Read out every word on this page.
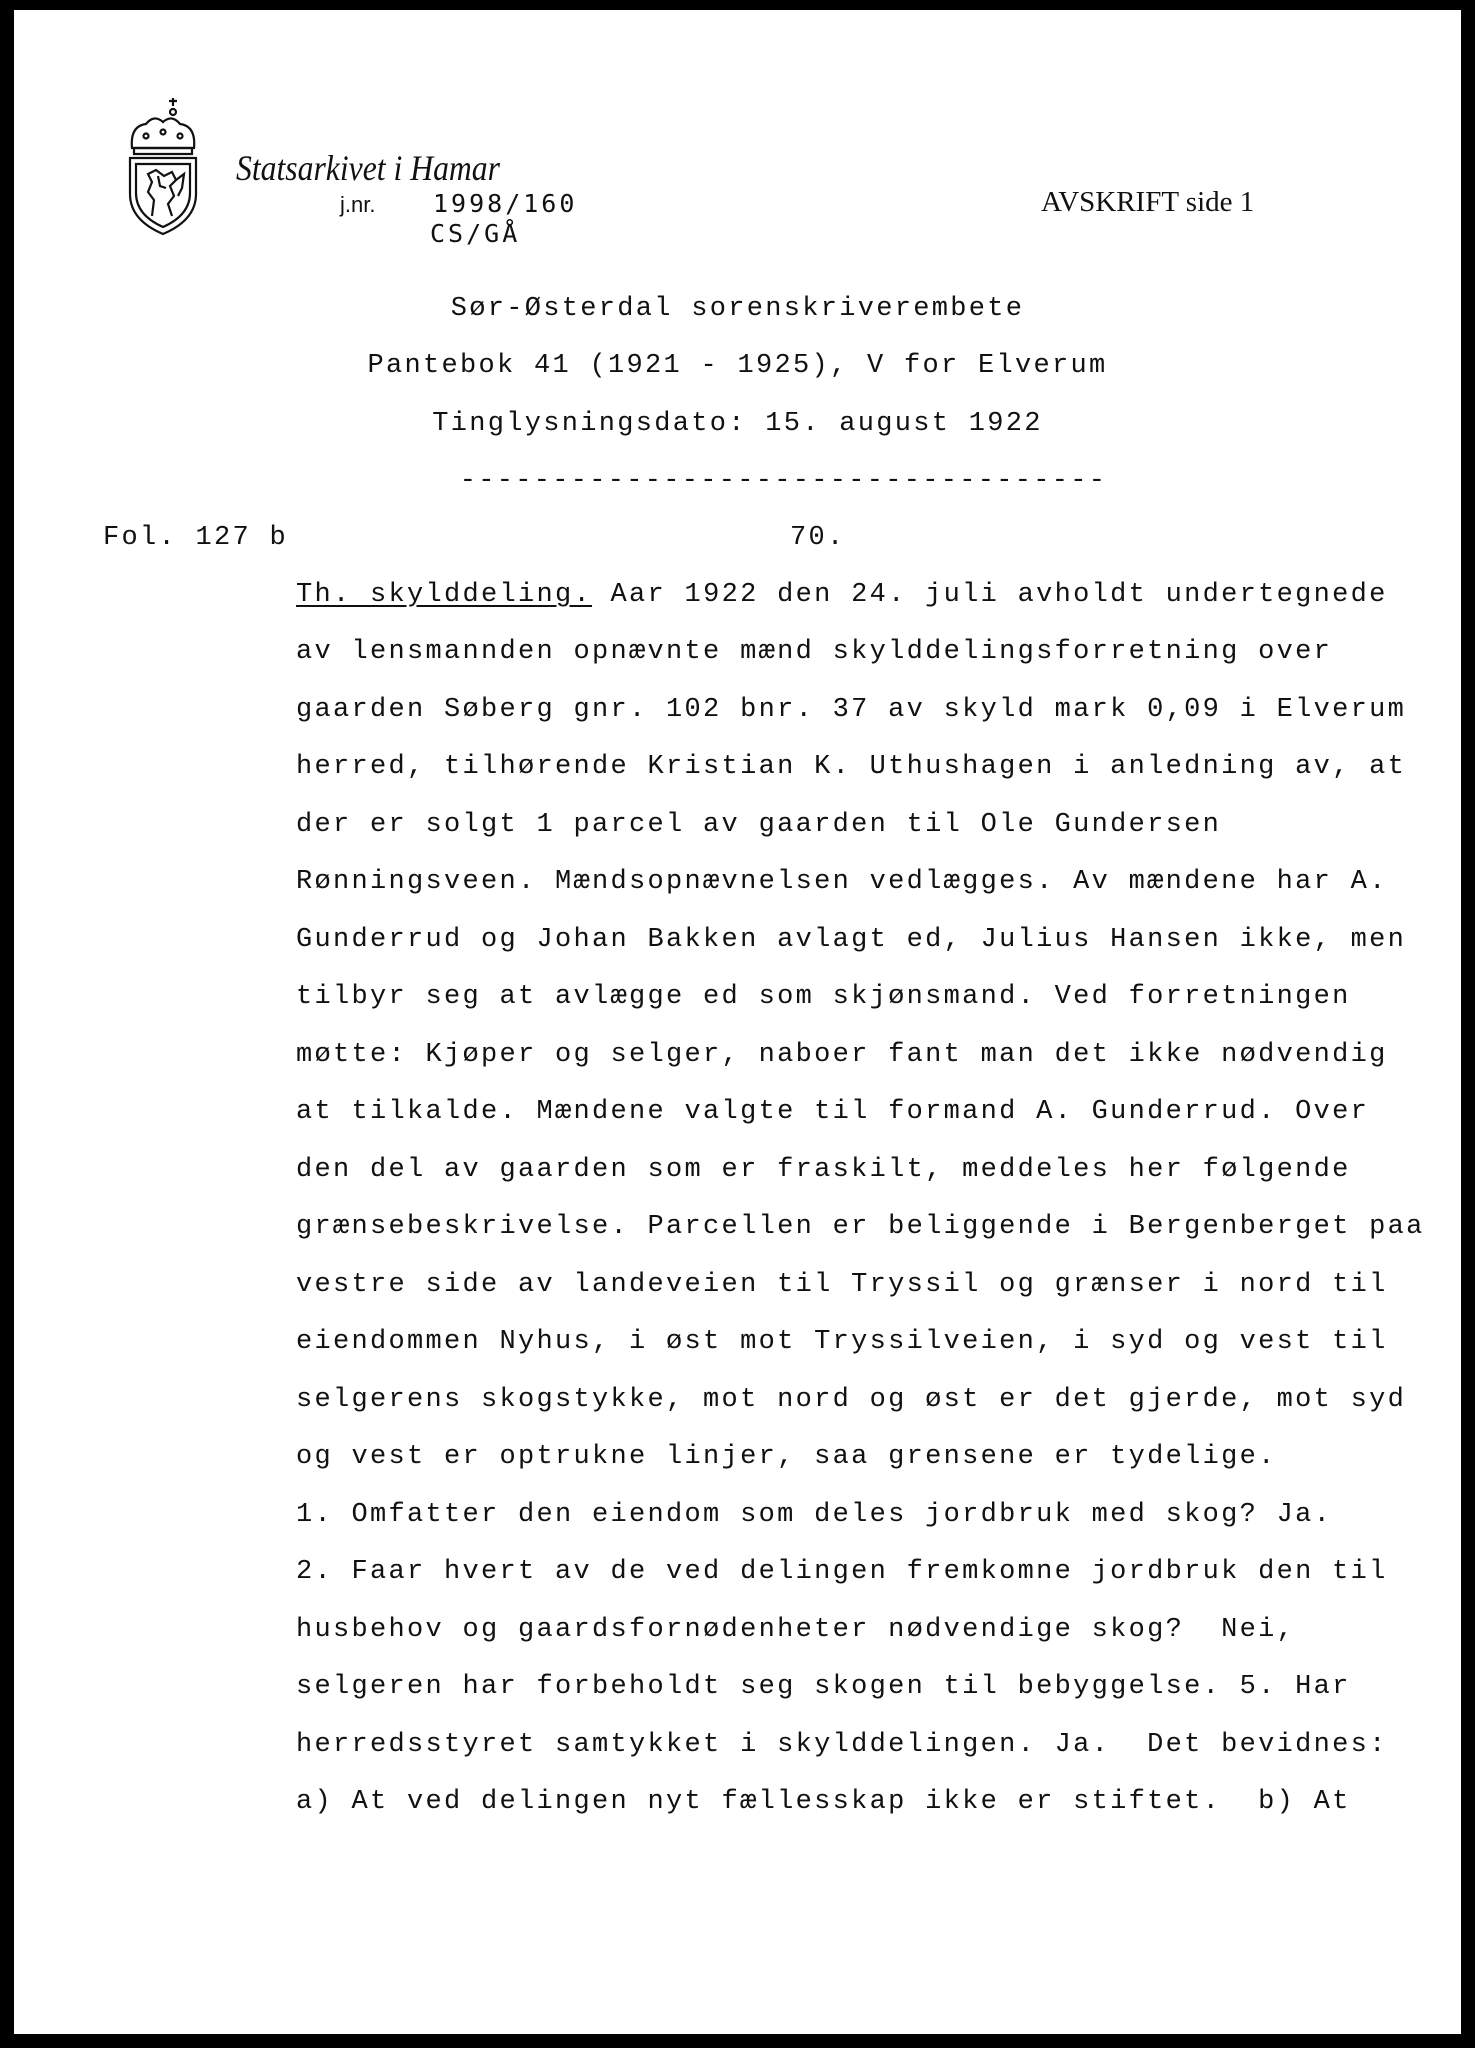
Statsarkivet i Hamar
j.nr. 1998/160
CS/GÅ
AVSKRIFT side 1
Sør-Østerdal sorenskriverembete
Pantebok 41 (1921 - 1925), V for Elverum
Tinglysningsdato: 15. august 1922
-----------------------------------
Fol. 127 b	70.
Th. skylddeling. Aar 1922 den 24. juli avholdt undertegnede
av lensmannden opnævnte mænd skylddelingsforretning over
gaarden Søberg gnr. 102 bnr. 37 av skyld mark 0,09 i Elverum
herred, tilhørende Kristian K. Uthushagen i anledning av, at
der er solgt 1 parcel av gaarden til Ole Gundersen
Rønningsveen. Mændsopnævnelsen vedlægges. Av mændene har A.
Gunderrud og Johan Bakken avlagt ed, Julius Hansen ikke, men
tilbyr seg at avlægge ed som skjønsmand. Ved forretningen
møtte: Kjøper og selger, naboer fant man det ikke nødvendig
at tilkalde. Mændene valgte til formand A. Gunderrud. Over
den del av gaarden som er fraskilt, meddeles her følgende
grænsebeskrivelse. Parcellen er beliggende i Bergenberget paa
vestre side av landeveien til Tryssil og grænser i nord til
eiendommen Nyhus, i øst mot Tryssilveien, i syd og vest til
selgerens skogstykke, mot nord og øst er det gjerde, mot syd
og vest er optrukne linjer, saa grensene er tydelige.
1. Omfatter den eiendom som deles jordbruk med skog? Ja.
2. Faar hvert av de ved delingen fremkomne jordbruk den til
husbehov og gaardsfornødenheter nødvendige skog?  Nei,
selgeren har forbeholdt seg skogen til bebyggelse. 5. Har
herredsstyret samtykket i skylddelingen. Ja.  Det bevidnes:
a) At ved delingen nyt fællesskap ikke er stiftet.  b) At
